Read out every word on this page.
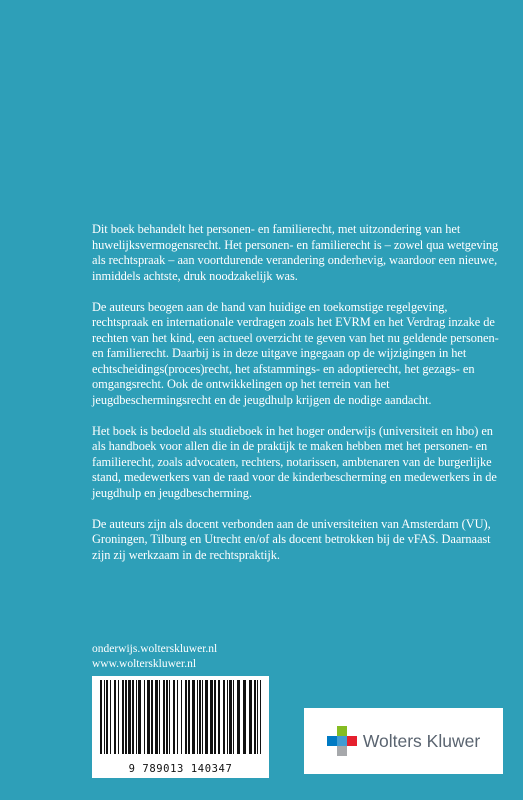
Dit boek behandelt het personen- en familierecht, met uitzondering van het huwelijksvermogensrecht. Het personen- en familierecht is – zowel qua wetgeving als rechtspraak – aan voortdurende verandering onderhevig, waardoor een nieuwe, inmiddels achtste, druk noodzakelijk was.

De auteurs beogen aan de hand van huidige en toekomstige regelgeving, rechtspraak en internationale verdragen zoals het EVRM en het Verdrag inzake de rechten van het kind, een actueel overzicht te geven van het nu geldende personen- en familierecht. Daarbij is in deze uitgave ingegaan op de wijzigingen in het echtscheidings(proces)recht, het afstammings- en adoptierecht, het gezags- en omgangsrecht. Ook de ontwikkelingen op het terrein van het jeugdbeschermingsrecht en de jeugdhulp krijgen de nodige aandacht.

Het boek is bedoeld als studieboek in het hoger onderwijs (universiteit en hbo) en als handboek voor allen die in de praktijk te maken hebben met het personen- en familierecht, zoals advocaten, rechters, notarissen, ambtenaren van de burgerlijke stand, medewerkers van de raad voor de kinderbescherming en medewerkers in de jeugdhulp en jeugdbescherming.

De auteurs zijn als docent verbonden aan de universiteiten van Amsterdam (VU), Groningen, Tilburg en Utrecht en/of als docent betrokken bij de vFAS. Daarnaast zijn zij werkzaam in de rechtspraktijk.

onderwijs.wolterskluwer.nl
www.wolterskluwer.nl
9 789013 140347
Wolters Kluwer
